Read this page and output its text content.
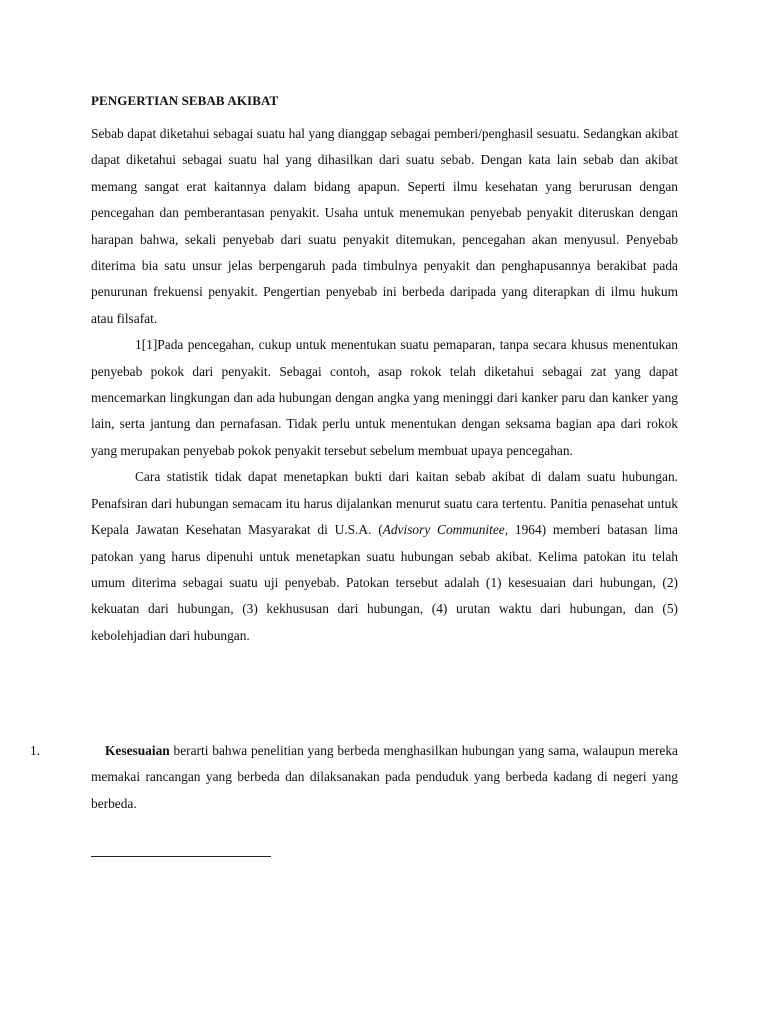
PENGERTIAN SEBAB AKIBAT

Sebab dapat diketahui sebagai suatu hal yang dianggap sebagai pemberi/penghasil sesuatu. Sedangkan akibat dapat diketahui sebagai suatu hal yang dihasilkan dari suatu sebab. Dengan kata lain sebab dan akibat memang sangat erat kaitannya dalam bidang apapun. Seperti ilmu kesehatan yang berurusan dengan pencegahan dan pemberantasan penyakit. Usaha untuk menemukan penyebab penyakit diteruskan dengan harapan bahwa, sekali penyebab dari suatu penyakit ditemukan, pencegahan akan menyusul. Penyebab diterima bia satu unsur jelas berpengaruh pada timbulnya penyakit dan penghapusannya berakibat pada penurunan frekuensi penyakit. Pengertian penyebab ini berbeda daripada yang diterapkan di ilmu hukum atau filsafat.

1[1]Pada pencegahan, cukup untuk menentukan suatu pemaparan, tanpa secara khusus menentukan penyebab pokok dari penyakit. Sebagai contoh, asap rokok telah diketahui sebagai zat yang dapat mencemarkan lingkungan dan ada hubungan dengan angka yang meninggi dari kanker paru dan kanker yang lain, serta jantung dan pernafasan. Tidak perlu untuk menentukan dengan seksama bagian apa dari rokok yang merupakan penyebab pokok penyakit tersebut sebelum membuat upaya pencegahan.

Cara statistik tidak dapat menetapkan bukti dari kaitan sebab akibat di dalam suatu hubungan. Penafsiran dari hubungan semacam itu harus dijalankan menurut suatu cara tertentu. Panitia penasehat untuk Kepala Jawatan Kesehatan Masyarakat di U.S.A. (Advisory Communitee, 1964) memberi batasan lima patokan yang harus dipenuhi untuk menetapkan suatu hubungan sebab akibat. Kelima patokan itu telah umum diterima sebagai suatu uji penyebab. Patokan tersebut adalah (1) kesesuaian dari hubungan, (2) kekuatan dari hubungan, (3) kekhususan dari hubungan, (4) urutan waktu dari hubungan, dan (5) kebolehjadian dari hubungan.

1.	Kesesuaian berarti bahwa penelitian yang berbeda menghasilkan hubungan yang sama, walaupun mereka memakai rancangan yang berbeda dan dilaksanakan pada penduduk yang berbeda kadang di negeri yang berbeda.
